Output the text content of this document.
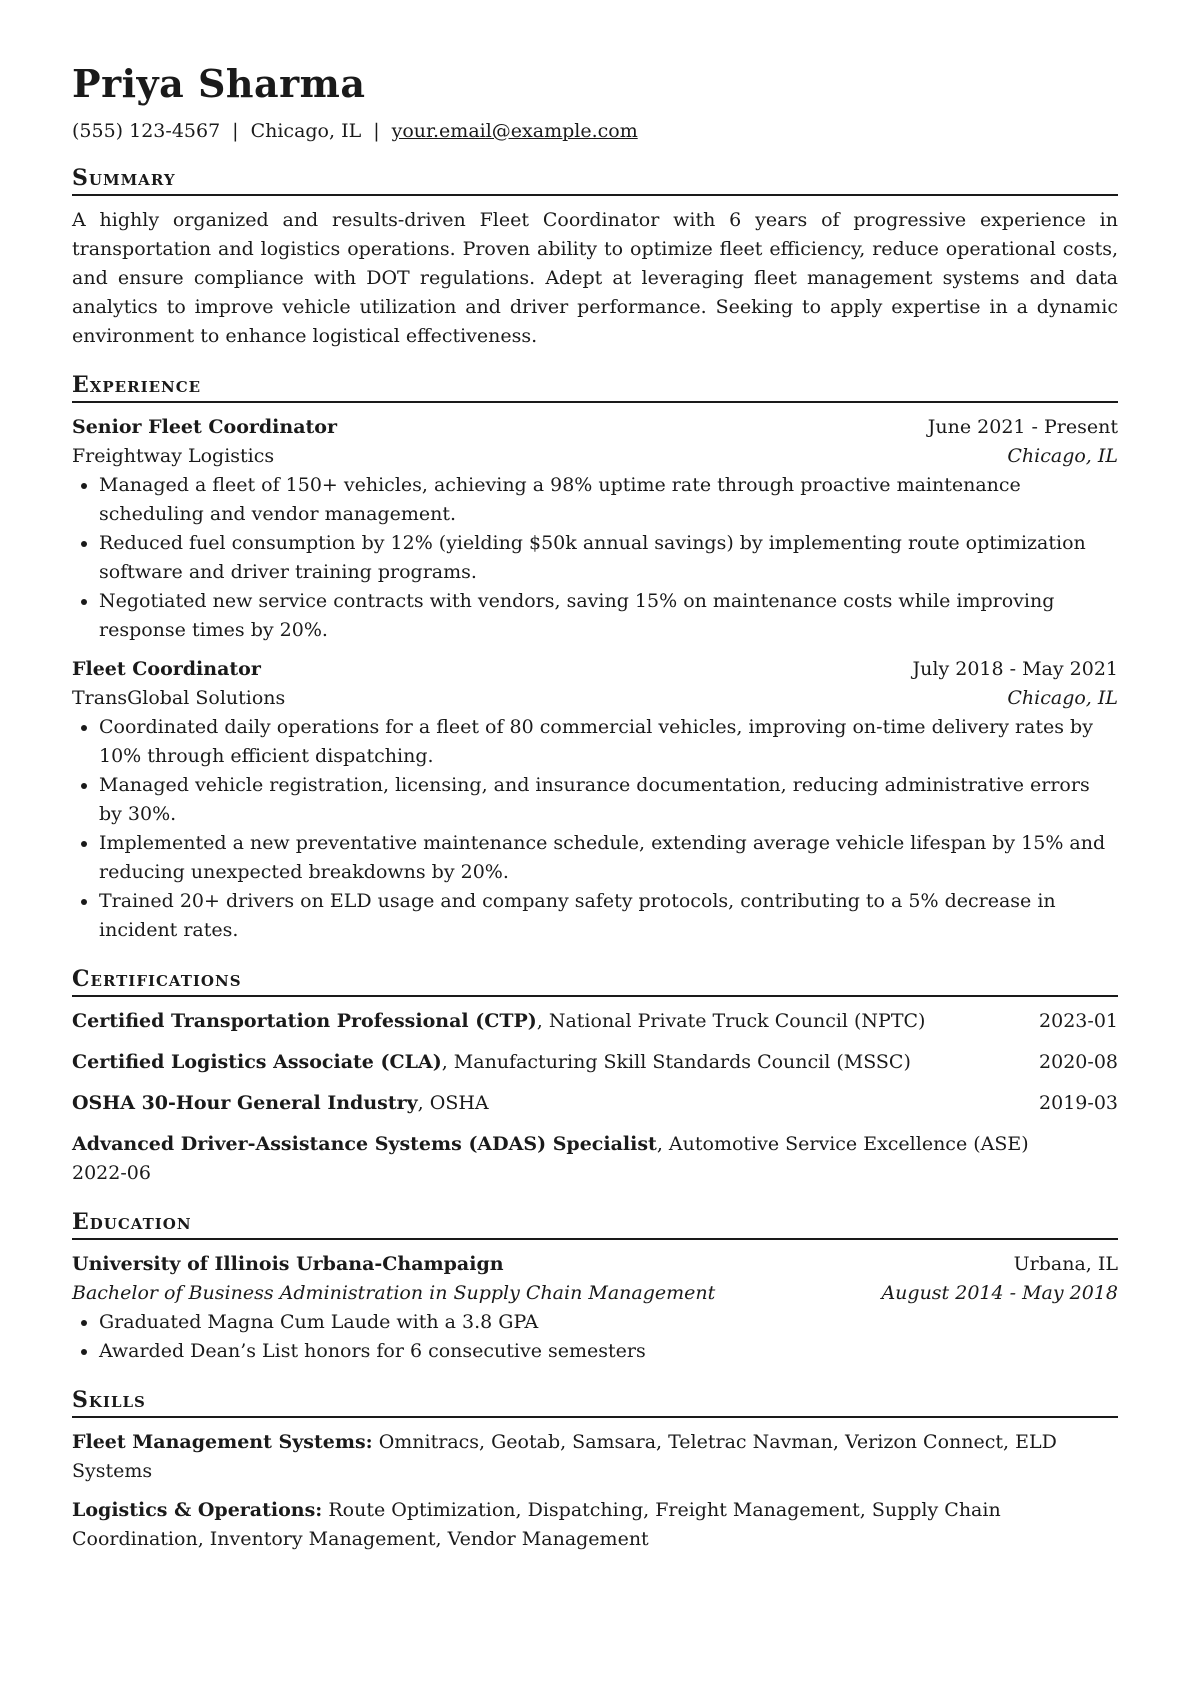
Priya Sharma
(555) 123-4567 | Chicago, IL | your.email@example.com
Summary

A highly organized and results-driven Fleet Coordinator with 6 years of progressive experience in transportation and logistics operations. Proven ability to optimize fleet efficiency, reduce operational costs, and ensure compliance with DOT regulations. Adept at leveraging fleet management systems and data analytics to improve vehicle utilization and driver performance. Seeking to apply expertise in a dynamic environment to enhance logistical effectiveness.

Experience
Senior Fleet Coordinator	June 2021 - Present
Freightway Logistics	Chicago, IL
• Managed a fleet of 150+ vehicles, achieving a 98% uptime rate through proactive maintenance scheduling and vendor management.
• Reduced fuel consumption by 12% (yielding $50k annual savings) by implementing route optimization software and driver training programs.
• Negotiated new service contracts with vendors, saving 15% on maintenance costs while improving response times by 20%.
Fleet Coordinator	July 2018 - May 2021
TransGlobal Solutions	Chicago, IL
• Coordinated daily operations for a fleet of 80 commercial vehicles, improving on-time delivery rates by 10% through efficient dispatching.
• Managed vehicle registration, licensing, and insurance documentation, reducing administrative errors by 30%.
• Implemented a new preventative maintenance schedule, extending average vehicle lifespan by 15% and reducing unexpected breakdowns by 20%.
• Trained 20+ drivers on ELD usage and company safety protocols, contributing to a 5% decrease in incident rates.
Certifications
Certified Transportation Professional (CTP), National Private Truck Council (NPTC)	2023-01
Certified Logistics Associate (CLA), Manufacturing Skill Standards Council (MSSC)	2020-08
OSHA 30-Hour General Industry, OSHA	2019-03
Advanced Driver-Assistance Systems (ADAS) Specialist, Automotive Service Excellence (ASE)
2022-06
Education
University of Illinois Urbana-Champaign	Urbana, IL
Bachelor of Business Administration in Supply Chain Management	August 2014 - May 2018
• Graduated Magna Cum Laude with a 3.8 GPA
• Awarded Dean’s List honors for 6 consecutive semesters
Skills
Fleet Management Systems: Omnitracs, Geotab, Samsara, Teletrac Navman, Verizon Connect, ELD Systems
Logistics & Operations: Route Optimization, Dispatching, Freight Management, Supply Chain Coordination, Inventory Management, Vendor Management
